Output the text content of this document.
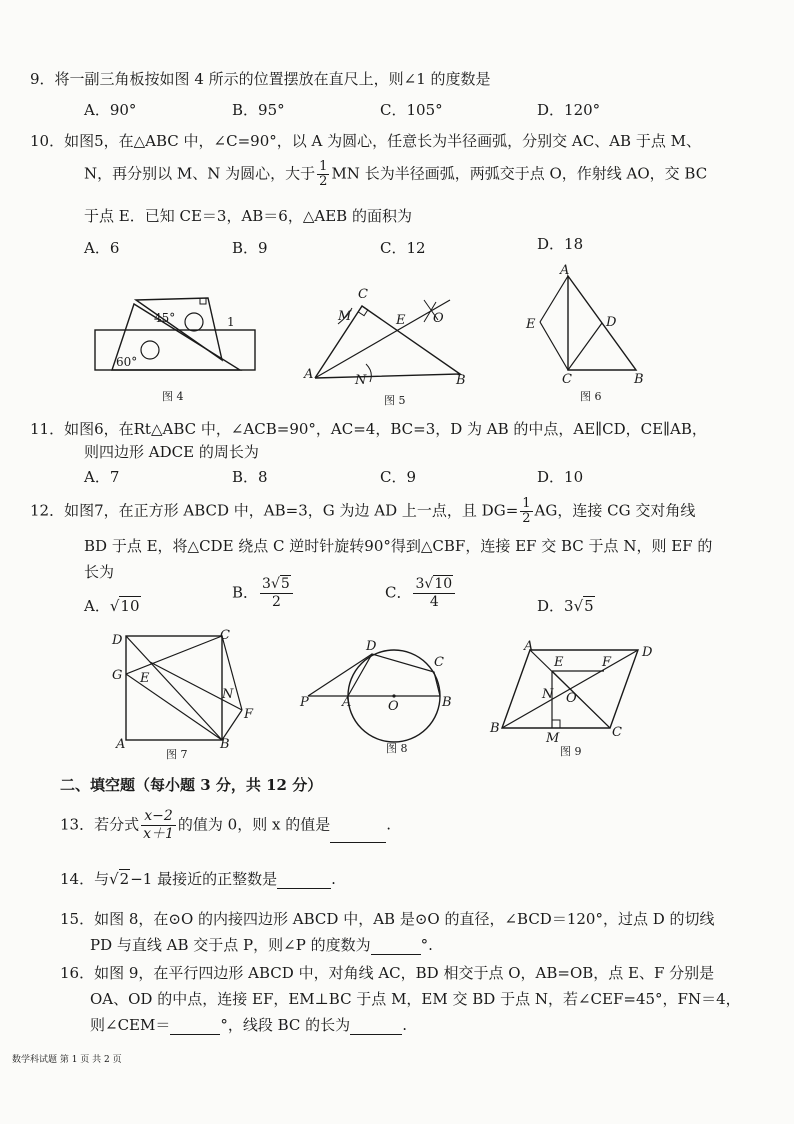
9．将一副三角板按如图 4 所示的位置摆放在直尺上，则∠1 的度数是
A．90°	B．95°	C．105°	D．120°
10．如图5，在△ABC 中，∠C=90°，以 A 为圆心，任意长为半径画弧，分别交 AC、AB 于点 M、
N，再分别以 M、N 为圆心，大于 $\frac{1}{2}$ MN 长为半径画弧，两弧交于点 O，作射线 AO，交 BC
于点 E．已知 CE＝3，AB＝6，△AEB 的面积为
A．6	B．9	C．12	D．18
45°
60°
1
图 4
C
M	E O
A	N	B
图 5
A
E	D
C	B
图 6
11．如图6，在Rt△ABC 中，∠ACB=90°，AC=4，BC=3，D 为 AB 的中点，AE∥CD，CE∥AB，
则四边形 ADCE 的周长为
A．7	B．8	C．9	D．10
12．如图7，在正方形 ABCD 中，AB=3，G 为边 AD 上一点，且 $DG= \frac{1}{2}$ AG，连接 CG 交对角线
BD 于点 E，将△CDE 绕点 C 逆时针旋转90°得到△CBF，连接 EF 交 BC 于点 N，则 EF 的
长为
A．√10
B． $\frac{3√5}{2}$	C． $\frac{3√10}{4}$	D．3√5
D	C
G E
N
F
A	B
图 7
D
C
P	A	O	B
图 8
A	D
E	F
N O
B
M	C
图 9
二、填空题（每小题 3 分，共 12 分）
13．若分式 $\frac{x-2}{x+1}$ 的值为 0，则 x 的值是	.
14．与√2−1 最接近的正整数是	.
15．如图 8，在⊙O 的内接四边形 ABCD 中，AB 是⊙O 的直径，∠BCD＝120°，过点 D 的切线
PD 与直线 AB 交于点 P，则∠P 的度数为	°.
16．如图 9，在平行四边形 ABCD 中，对角线 AC，BD 相交于点 O，AB=OB，点 E、F 分别是
OA、OD 的中点，连接 EF，EM⊥BC 于点 M，EM 交 BD 于点 N，若∠CEF=45°，FN＝4，
则∠CEM＝	°，线段 BC 的长为	.
数学科试题 第 1 页 共 2 页
